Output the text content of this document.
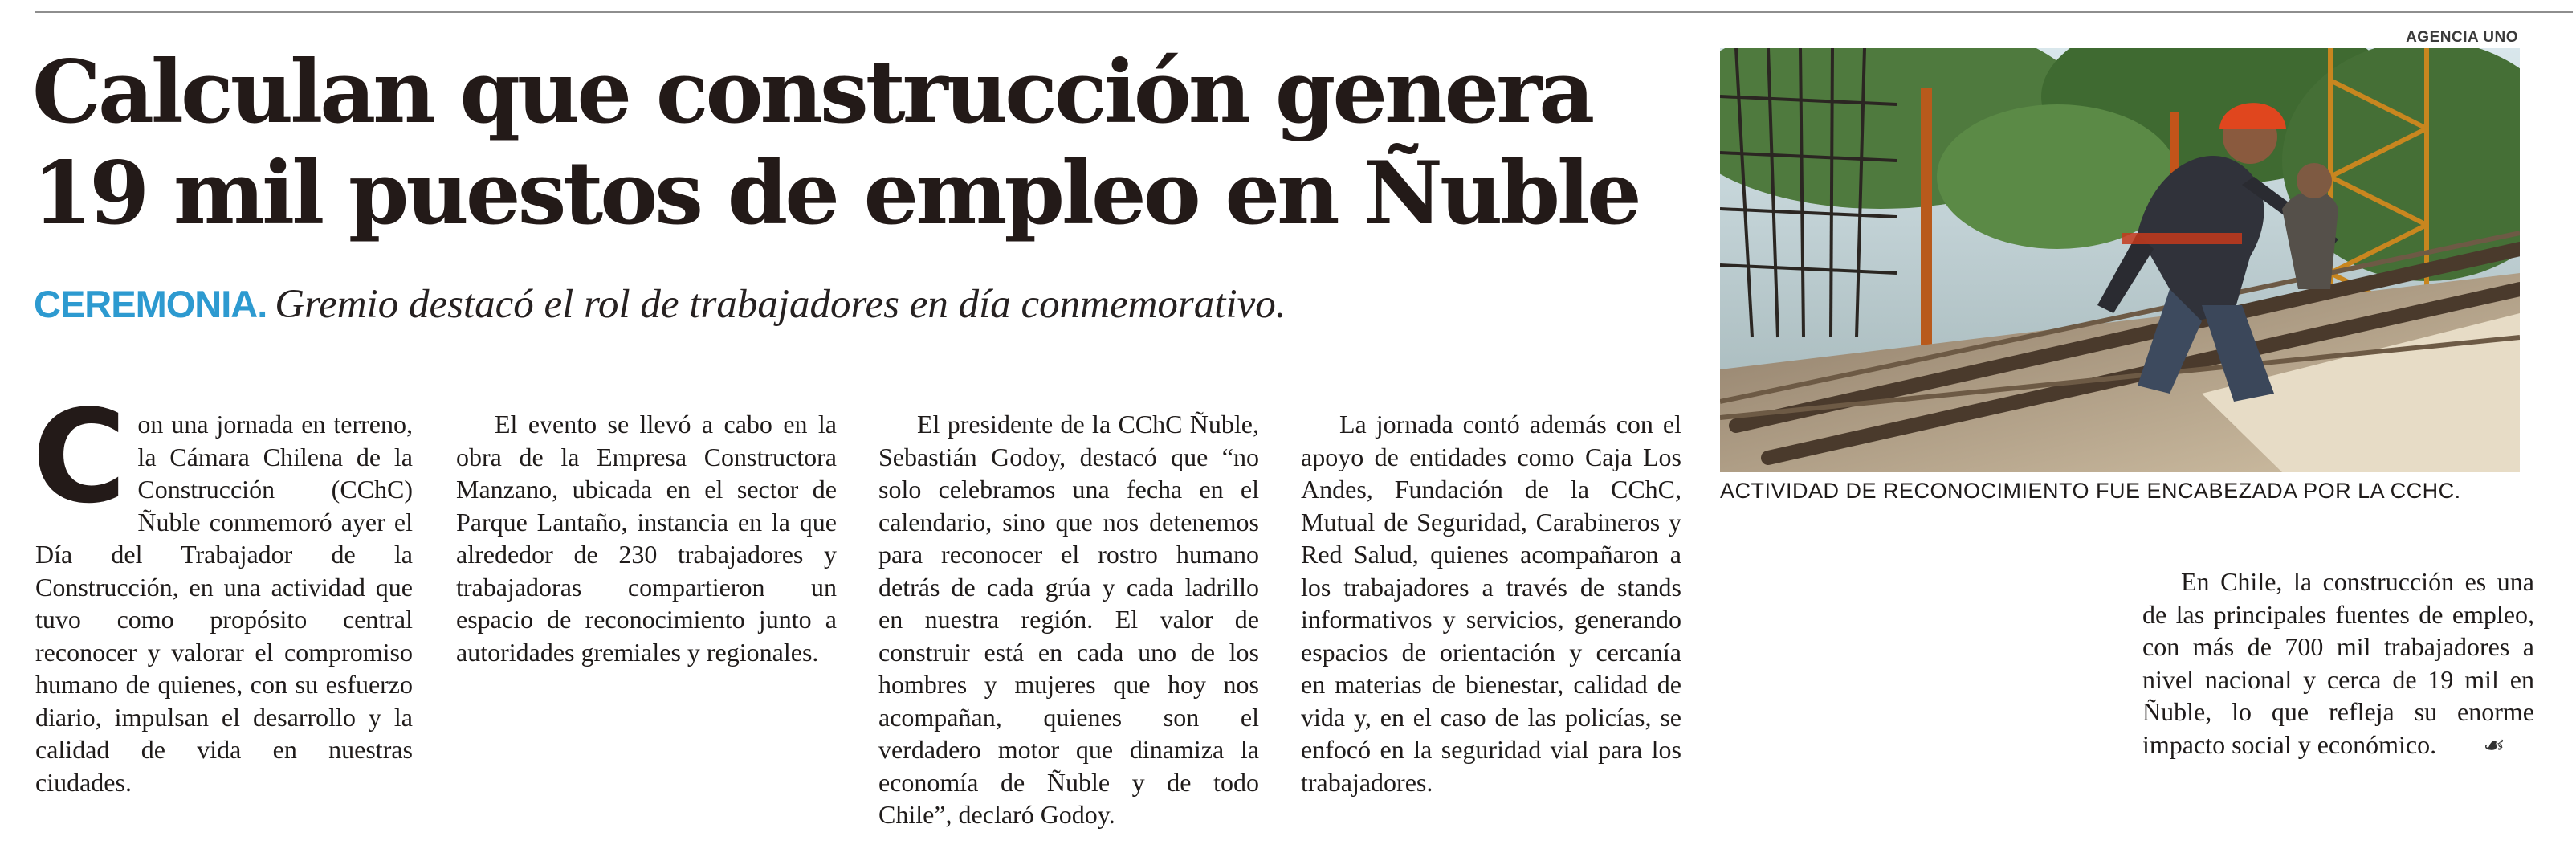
Calculan que construcción genera
19 mil puestos de empleo en Ñuble
CEREMONIA. Gremio destacó el rol de trabajadores en día conmemorativo.

Con una jornada en terreno, la Cámara Chilena de la Construcción (CChC) Ñuble conmemoró ayer el Día del Trabajador de la Construcción, en una actividad que tuvo como propósito central reconocer y valorar el compromiso humano de quienes, con su esfuerzo diario, impulsan el desarrollo y la calidad de vida en nuestras ciudades.

El evento se llevó a cabo en la obra de la Empresa Constructora Manzano, ubicada en el sector de Parque Lantaño, instancia en la que alrededor de 230 trabajadores y trabajadoras compartieron un espacio de reconocimiento junto a autoridades gremiales y regionales.

El presidente de la CChC Ñuble, Sebastián Godoy, destacó que “no solo celebramos una fecha en el calendario, sino que nos detenemos para reconocer el rostro humano detrás de cada grúa y cada ladrillo en nuestra región. El valor de construir está en cada uno de los hombres y mujeres que hoy nos acompañan, quienes son el verdadero motor que dinamiza la economía de Ñuble y de todo Chile”, declaró Godoy.

La jornada contó además con el apoyo de entidades como Caja Los Andes, Fundación de la CChC, Mutual de Seguridad, Carabineros y Red Salud, quienes acompañaron a los trabajadores a través de stands informativos y servicios, generando espacios de orientación y cercanía en materias de bienestar, calidad de vida y, en el caso de las policías, se enfocó en la seguridad vial para los trabajadores.

En Chile, la construcción es una de las principales fuentes de empleo, con más de 700 mil trabajadores a nivel nacional y cerca de 19 mil en Ñuble, lo que refleja su enorme impacto social y económico. ☙

AGENCIA UNO
ACTIVIDAD DE RECONOCIMIENTO FUE ENCABEZADA POR LA CCHC.
